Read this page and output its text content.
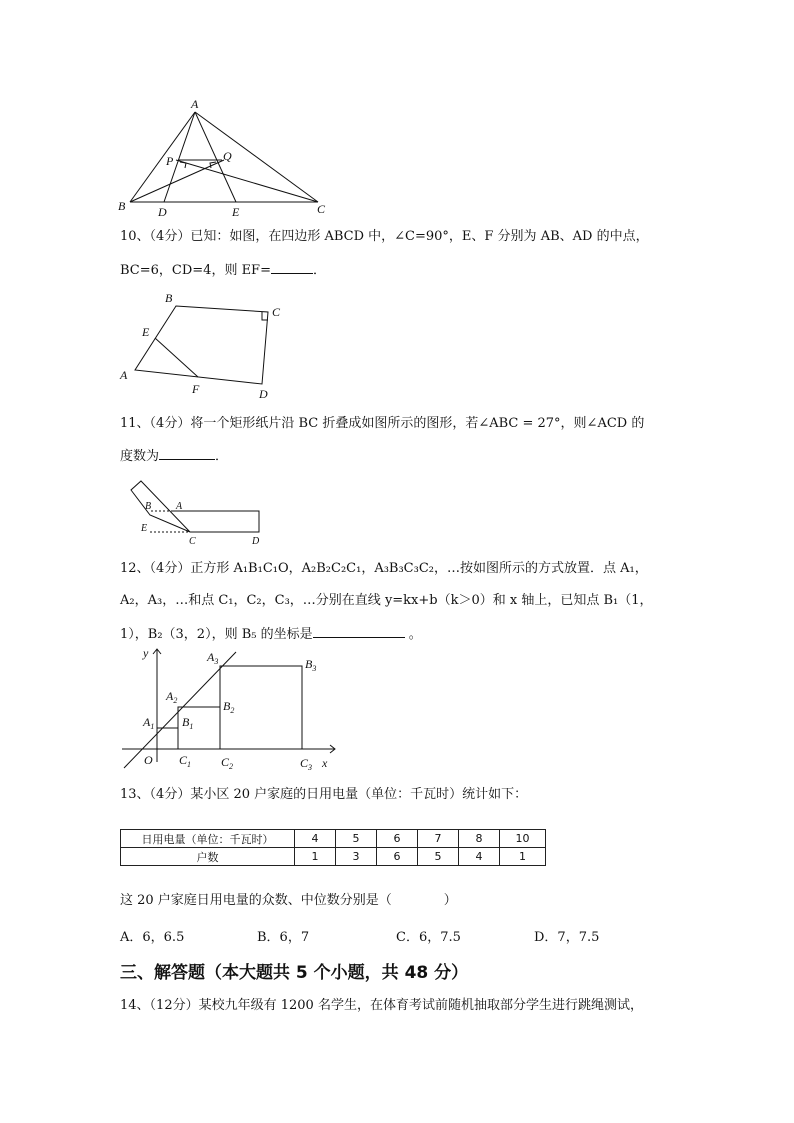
A
P	Q
B	D	E	C
10、（4分）已知：如图，在四边形 ABCD 中，∠C=90°，E、F 分别为 AB、AD 的中点，
BC=6，CD=4，则 EF=	．
B
C
E
A
F	D
11、（4分）将一个矩形纸片沿 BC 折叠成如图所示的图形，若∠ABC = 27°，则∠ACD 的
度数为	．
B A
E
C	D
12、（4分）正方形 A₁B₁C₁O，A₂B₂C₂C₁，A₃B₃C₃C₂，…按如图所示的方式放置．点 A₁，
A₂，A₃，…和点 C₁，C₂，C₃，…分别在直线 y=kx+b（k＞0）和 x 轴上，已知点 B₁（1，
1），B₂（3，2），则 B₅ 的坐标是	。
y
x
O
$A_1$ $B_1$
$A_2$	$B_2$
$A_3$	$B_3$
$C_1$ $C_2$	$C_3$
13、（4分）某小区 20 户家庭的日用电量（单位：千瓦时）统计如下：
日用电量（单位：千瓦时）	4	5	6	7	8	10
户数	1	3	6	5	4	1
这 20 户家庭日用电量的众数、中位数分别是（　　　　）
A．6，6.5	B．6，7	C．6，7.5	D．7，7.5
三、解答题（本大题共 5 个小题，共 48 分）
14、（12分）某校九年级有 1200 名学生，在体育考试前随机抽取部分学生进行跳绳测试，
